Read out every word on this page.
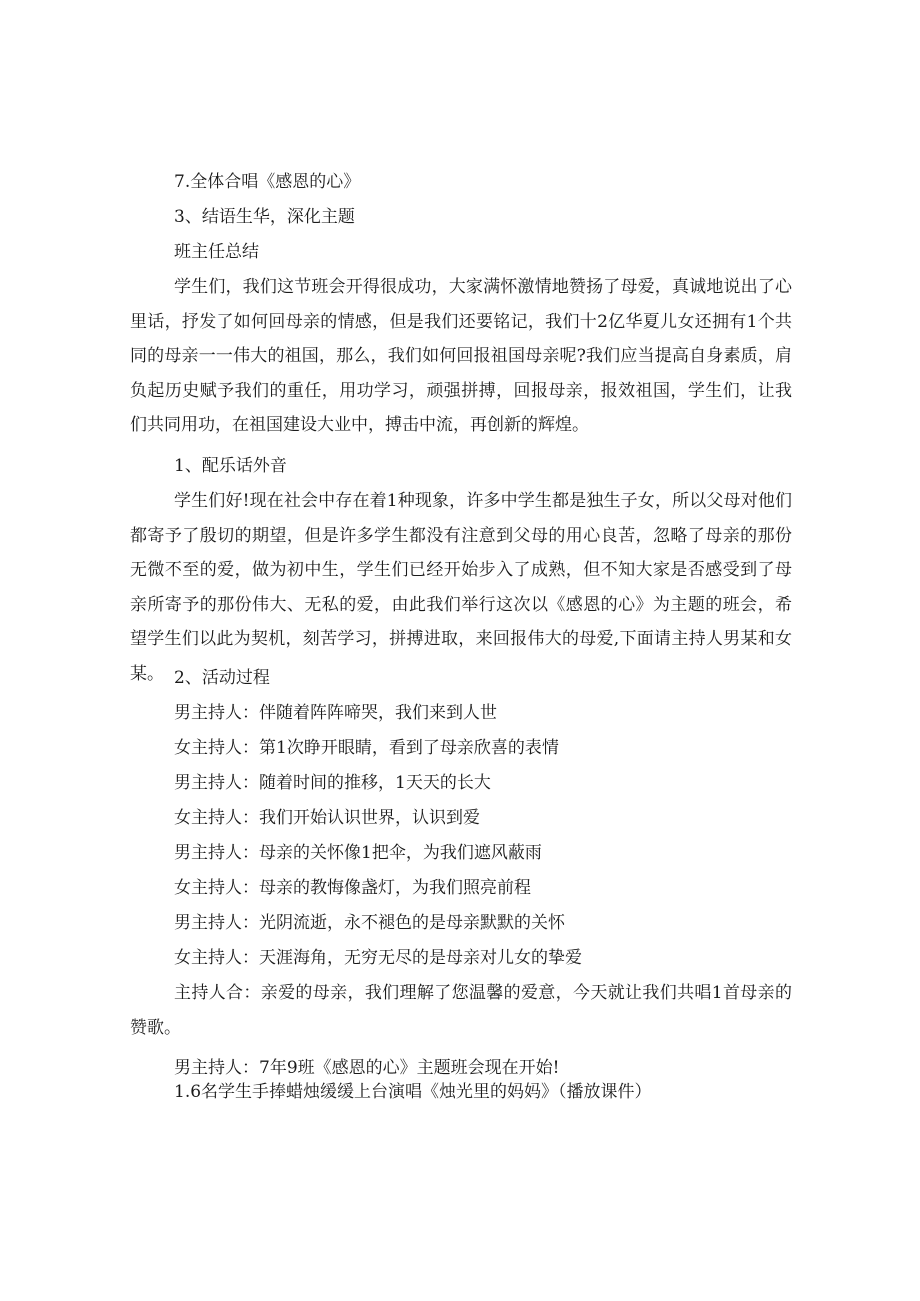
7.全体合唱《感恩的心》

3、结语生华，深化主题

班主任总结

学生们，我们这节班会开得很成功，大家满怀激情地赞扬了母爱，真诚地说出了心里话，抒发了如何回母亲的情感，但是我们还要铭记，我们十2亿华夏儿女还拥有1个共同的母亲一一伟大的祖国，那么，我们如何回报祖国母亲呢?我们应当提高自身素质，肩负起历史赋予我们的重任，用功学习，顽强拼搏，回报母亲，报效祖国，学生们，让我们共同用功，在祖国建设大业中，搏击中流，再创新的辉煌。

1、配乐话外音

学生们好!现在社会中存在着1种现象，许多中学生都是独生子女，所以父母对他们都寄予了殷切的期望，但是许多学生都没有注意到父母的用心良苦，忽略了母亲的那份无微不至的爱，做为初中生，学生们已经开始步入了成熟，但不知大家是否感受到了母亲所寄予的那份伟大、无私的爱，由此我们举行这次以《感恩的心》为主题的班会，希望学生们以此为契机，刻苦学习，拼搏进取，来回报伟大的母爱,下面请主持人男某和女某。 2、活动过程

男主持人：伴随着阵阵啼哭，我们来到人世

女主持人：第1次睁开眼睛，看到了母亲欣喜的表情

男主持人：随着时间的推移，1天天的长大

女主持人：我们开始认识世界，认识到爱

男主持人：母亲的关怀像1把伞，为我们遮风蔽雨

女主持人：母亲的教悔像盏灯，为我们照亮前程

男主持人：光阴流逝，永不褪色的是母亲默默的关怀

女主持人：天涯海角，无穷无尽的是母亲对儿女的挚爱

主持人合：亲爱的母亲，我们理解了您温馨的爱意，今天就让我们共唱1首母亲的赞歌。

男主持人：7年9班《感恩的心》主题班会现在开始!

1.6名学生手捧蜡烛缓缓上台演唱《烛光里的妈妈》（播放课件）
